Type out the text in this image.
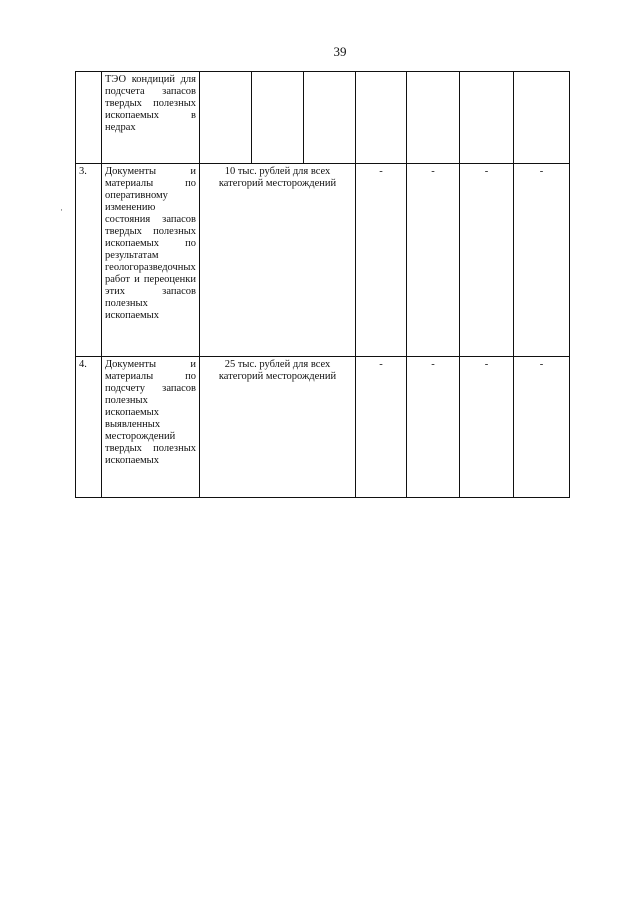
39
·

	ТЭО кондиций для подсчета запасов твердых полезных ископаемых в недрах							

3.	Документы и материалы по оперативному изменению состояния запасов твердых полезных ископаемых по результатам геологоразведочных работ и переоценки этих запасов полезных ископаемых	10 тыс. рублей для всех категорий месторождений			-	-	-	-
4.	Документы и материалы по подсчету запасов полезных ископаемых выявленных месторождений твердых полезных ископаемых	25 тыс. рублей для всех категорий месторождений			-	-	-	-
